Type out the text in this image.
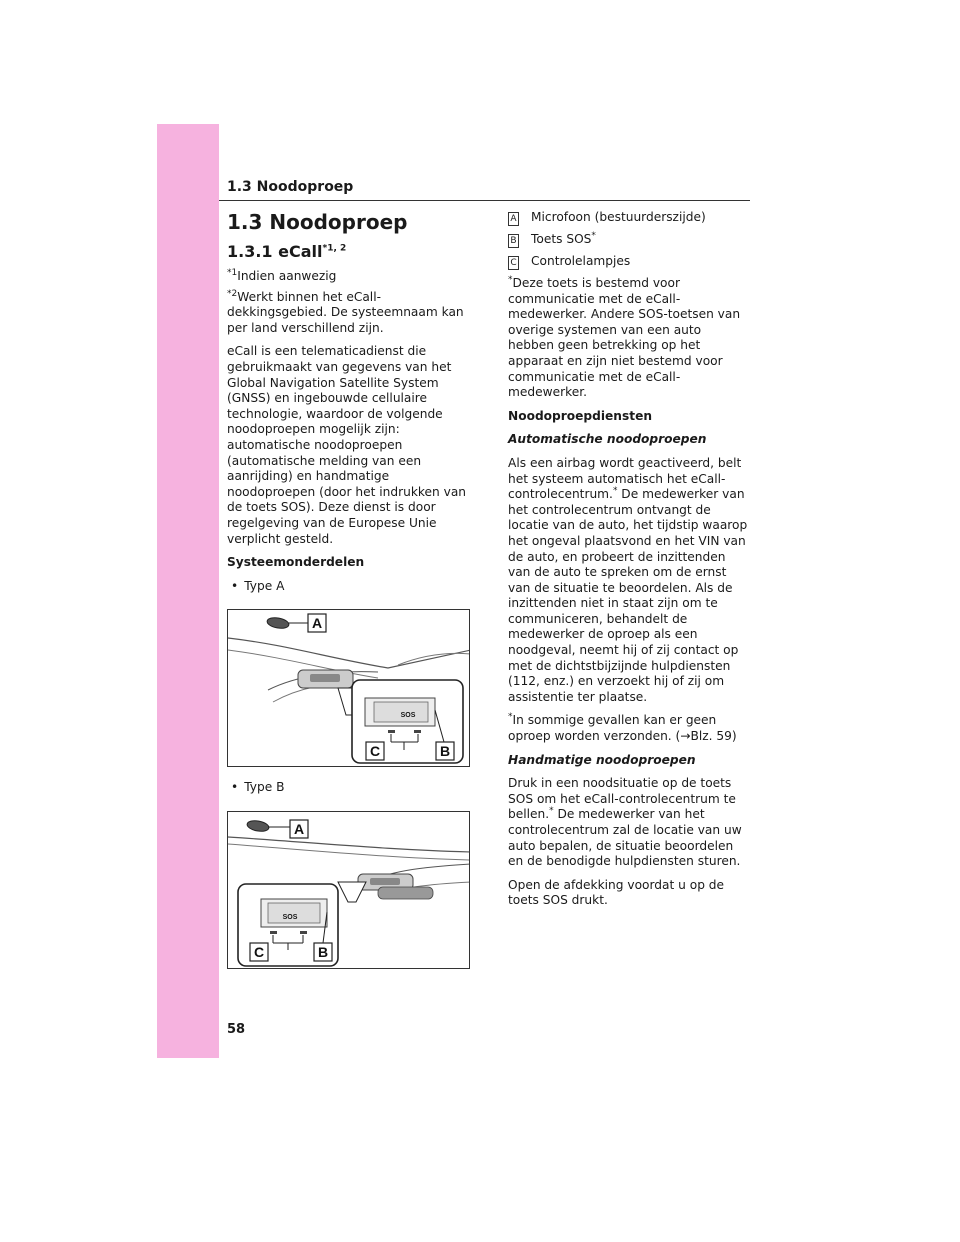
1.3 Noodoproep
1.3 Noodoproep
1.3.1 eCall$^{*1, 2}$

$^{*1}$Indien aanwezig

$^{*2}$Werkt binnen het eCall-dekkingsgebied. De systeemnaam kan per land verschillend zijn.

eCall is een telematicadienst die gebruikmaakt van gegevens van het Global Navigation Satellite System (GNSS) en ingebouwde cellulaire technologie, waardoor de volgende noodoproepen mogelijk zijn: automatische noodoproepen (automatische melding van een aanrijding) en handmatige noodoproepen (door het indrukken van de toets SOS). Deze dienst is door regelgeving van de Europese Unie verplicht gesteld.

Systeemonderdelen

• Type A

A
SOS
C	B

• Type B

A
SOS
C	B
A Microfoon (bestuurderszijde)
B Toets SOS*
C Controlelampjes

*Deze toets is bestemd voor communicatie met de eCall-medewerker. Andere SOS-toetsen van overige systemen van een auto hebben geen betrekking op het apparaat en zijn niet bestemd voor communicatie met de eCall-medewerker.

Noodoproepdiensten

Automatische noodoproepen

Als een airbag wordt geactiveerd, belt het systeem automatisch het eCall-controlecentrum.* De medewerker van het controlecentrum ontvangt de locatie van de auto, het tijdstip waarop het ongeval plaatsvond en het VIN van de auto, en probeert de inzittenden van de auto te spreken om de ernst van de situatie te beoordelen. Als de inzittenden niet in staat zijn om te communiceren, behandelt de medewerker de oproep als een noodgeval, neemt hij of zij contact op met de dichtstbijzijnde hulpdiensten (112, enz.) en verzoekt hij of zij om assistentie ter plaatse.

*In sommige gevallen kan er geen oproep worden verzonden. (→Blz. 59)

Handmatige noodoproepen

Druk in een noodsituatie op de toets SOS om het eCall-controlecentrum te bellen.* De medewerker van het controlecentrum zal de locatie van uw auto bepalen, de situatie beoordelen en de benodigde hulpdiensten sturen.

Open de afdekking voordat u op de toets SOS drukt.

58
